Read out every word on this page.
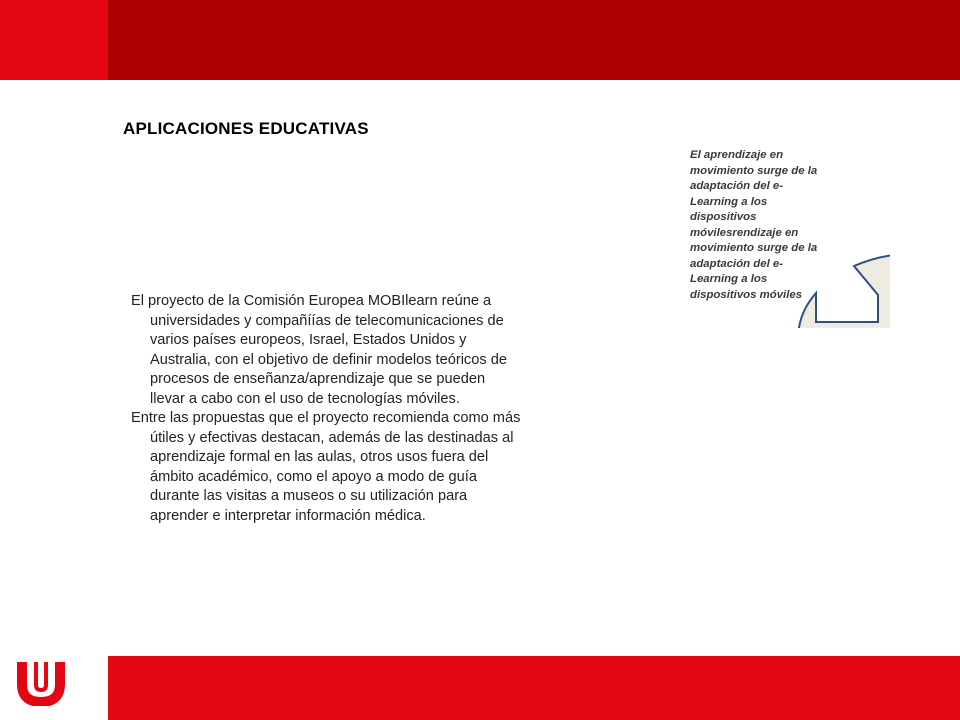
APLICACIONES EDUCATIVAS

El proyecto de la Comisión Europea MOBIlearn reúne a universidades y compañíías de telecomunicaciones de varios países europeos, Israel, Estados Unidos y Australia, con el objetivo de definir modelos teóricos de procesos de enseñanza/aprendizaje que se pueden llevar a cabo con el uso de tecnologías móviles.

Entre las propuestas que el proyecto recomienda como más útiles y efectivas destacan, además de las destinadas al aprendizaje formal en las aulas, otros usos fuera del ámbito académico, como el apoyo a modo de guía durante las visitas a museos o su utilización para aprender e interpretar información médica.

El aprendizaje en movimiento surge de la adaptación del e-Learning a los dispositivos móvilesrendizaje en movimiento surge de la adaptación del e-Learning a los dispositivos móviles
